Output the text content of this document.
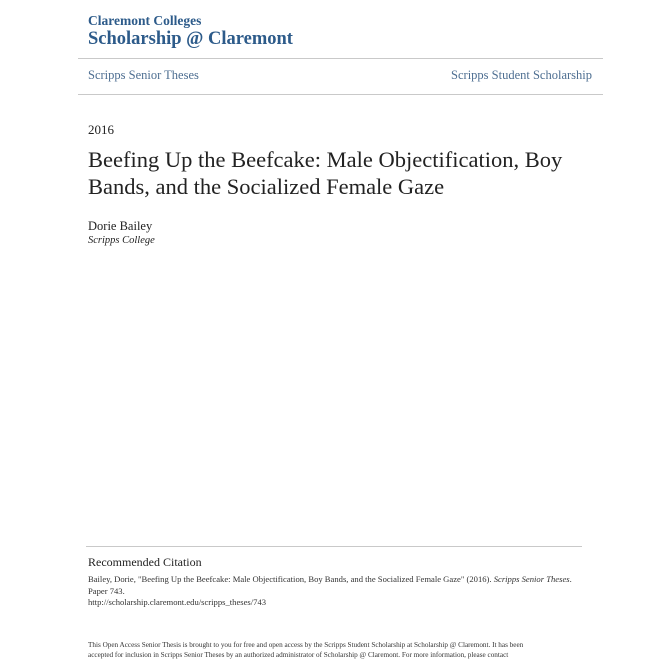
Claremont Colleges
Scholarship @ Claremont
Scripps Senior Theses	Scripps Student Scholarship
2016
Beefing Up the Beefcake: Male Objectification, Boy Bands, and the Socialized Female Gaze
Dorie Bailey
Scripps College
Recommended Citation
Bailey, Dorie, "Beefing Up the Beefcake: Male Objectification, Boy Bands, and the Socialized Female Gaze" (2016). Scripps Senior Theses. Paper 743.
http://scholarship.claremont.edu/scripps_theses/743
This Open Access Senior Thesis is brought to you for free and open access by the Scripps Student Scholarship at Scholarship @ Claremont. It has been
accepted for inclusion in Scripps Senior Theses by an authorized administrator of Scholarship @ Claremont. For more information, please contact
